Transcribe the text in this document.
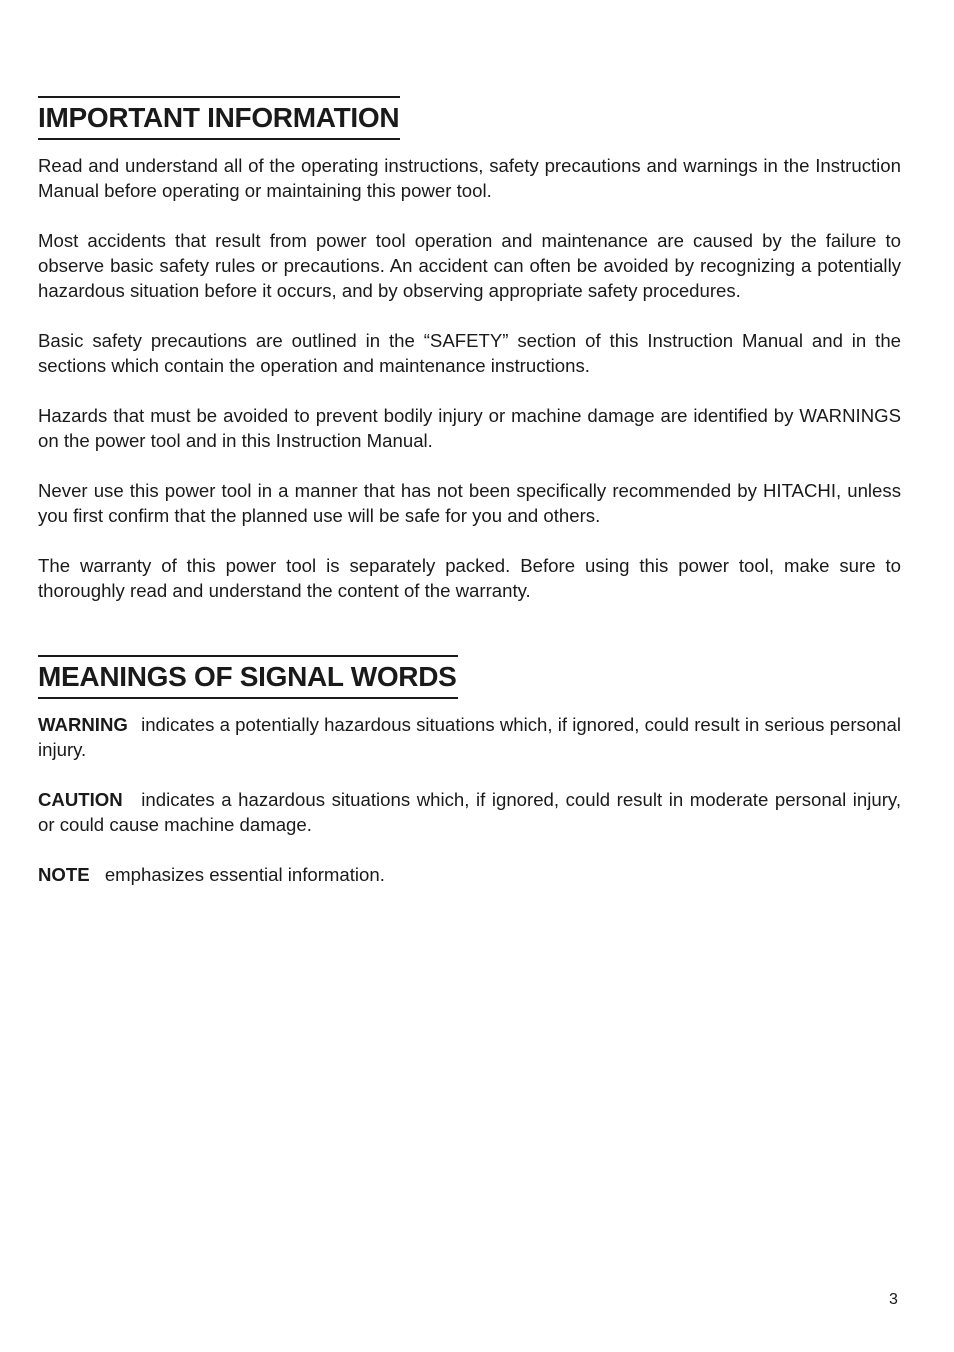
IMPORTANT INFORMATION

Read and understand all of the operating instructions, safety precautions and warnings in the Instruction Manual before operating or maintaining this power tool.

Most accidents that result from power tool operation and maintenance are caused by the failure to observe basic safety rules or precautions. An accident can often be avoided by recognizing a potentially hazardous situation before it occurs, and by observing appropriate safety procedures.

Basic safety precautions are outlined in the “SAFETY” section of this Instruction Manual and in the sections which contain the operation and maintenance instructions.

Hazards that must be avoided to prevent bodily injury or machine damage are identified by WARNINGS on the power tool and in this Instruction Manual.

Never use this power tool in a manner that has not been specifically recommended by HITACHI, unless you first confirm that the planned use will be safe for you and others.

The warranty of this power tool is separately packed. Before using this power tool, make sure to thoroughly read and understand the content of the warranty.

MEANINGS OF SIGNAL WORDS

WARNING indicates a potentially hazardous situations which, if ignored, could result in serious personal injury.

CAUTION indicates a hazardous situations which, if ignored, could result in moderate personal injury, or could cause machine damage.

NOTE emphasizes essential information.

3
